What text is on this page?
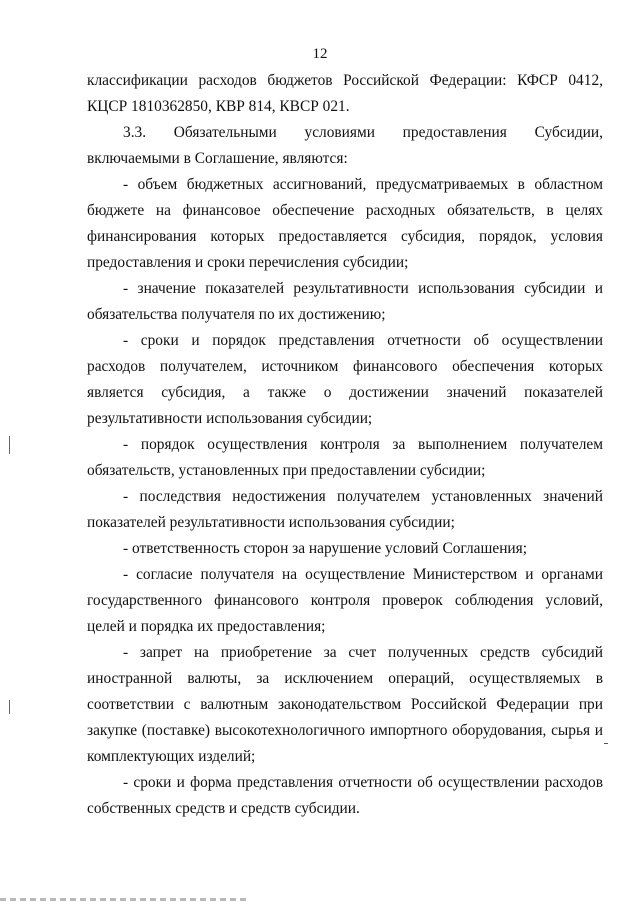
12

классификации расходов бюджетов Российской Федерации: КФСР 0412, КЦСР 1810362850, КВР 814, КВСР 021.

3.3. Обязательными условиями предоставления Субсидии, включаемыми в Соглашение, являются:

- объем бюджетных ассигнований, предусматриваемых в областном бюджете на финансовое обеспечение расходных обязательств, в целях финансирования которых предоставляется субсидия, порядок, условия предоставления и сроки перечисления субсидии;

- значение показателей результативности использования субсидии и обязательства получателя по их достижению;

- сроки и порядок представления отчетности об осуществлении расходов получателем, источником финансового обеспечения которых является субсидия, а также о достижении значений показателей результативности использования субсидии;

- порядок осуществления контроля за выполнением получателем обязательств, установленных при предоставлении субсидии;

- последствия недостижения получателем установленных значений показателей результативности использования субсидии;

- ответственность сторон за нарушение условий Соглашения;

- согласие получателя на осуществление Министерством и органами государственного финансового контроля проверок соблюдения условий, целей и порядка их предоставления;

- запрет на приобретение за счет полученных средств субсидий иностранной валюты, за исключением операций, осуществляемых в соответствии с валютным законодательством Российской Федерации при закупке (поставке) высокотехнологичного импортного оборудования, сырья и комплектующих изделий;

- сроки и форма представления отчетности об осуществлении расходов собственных средств и средств субсидии.
